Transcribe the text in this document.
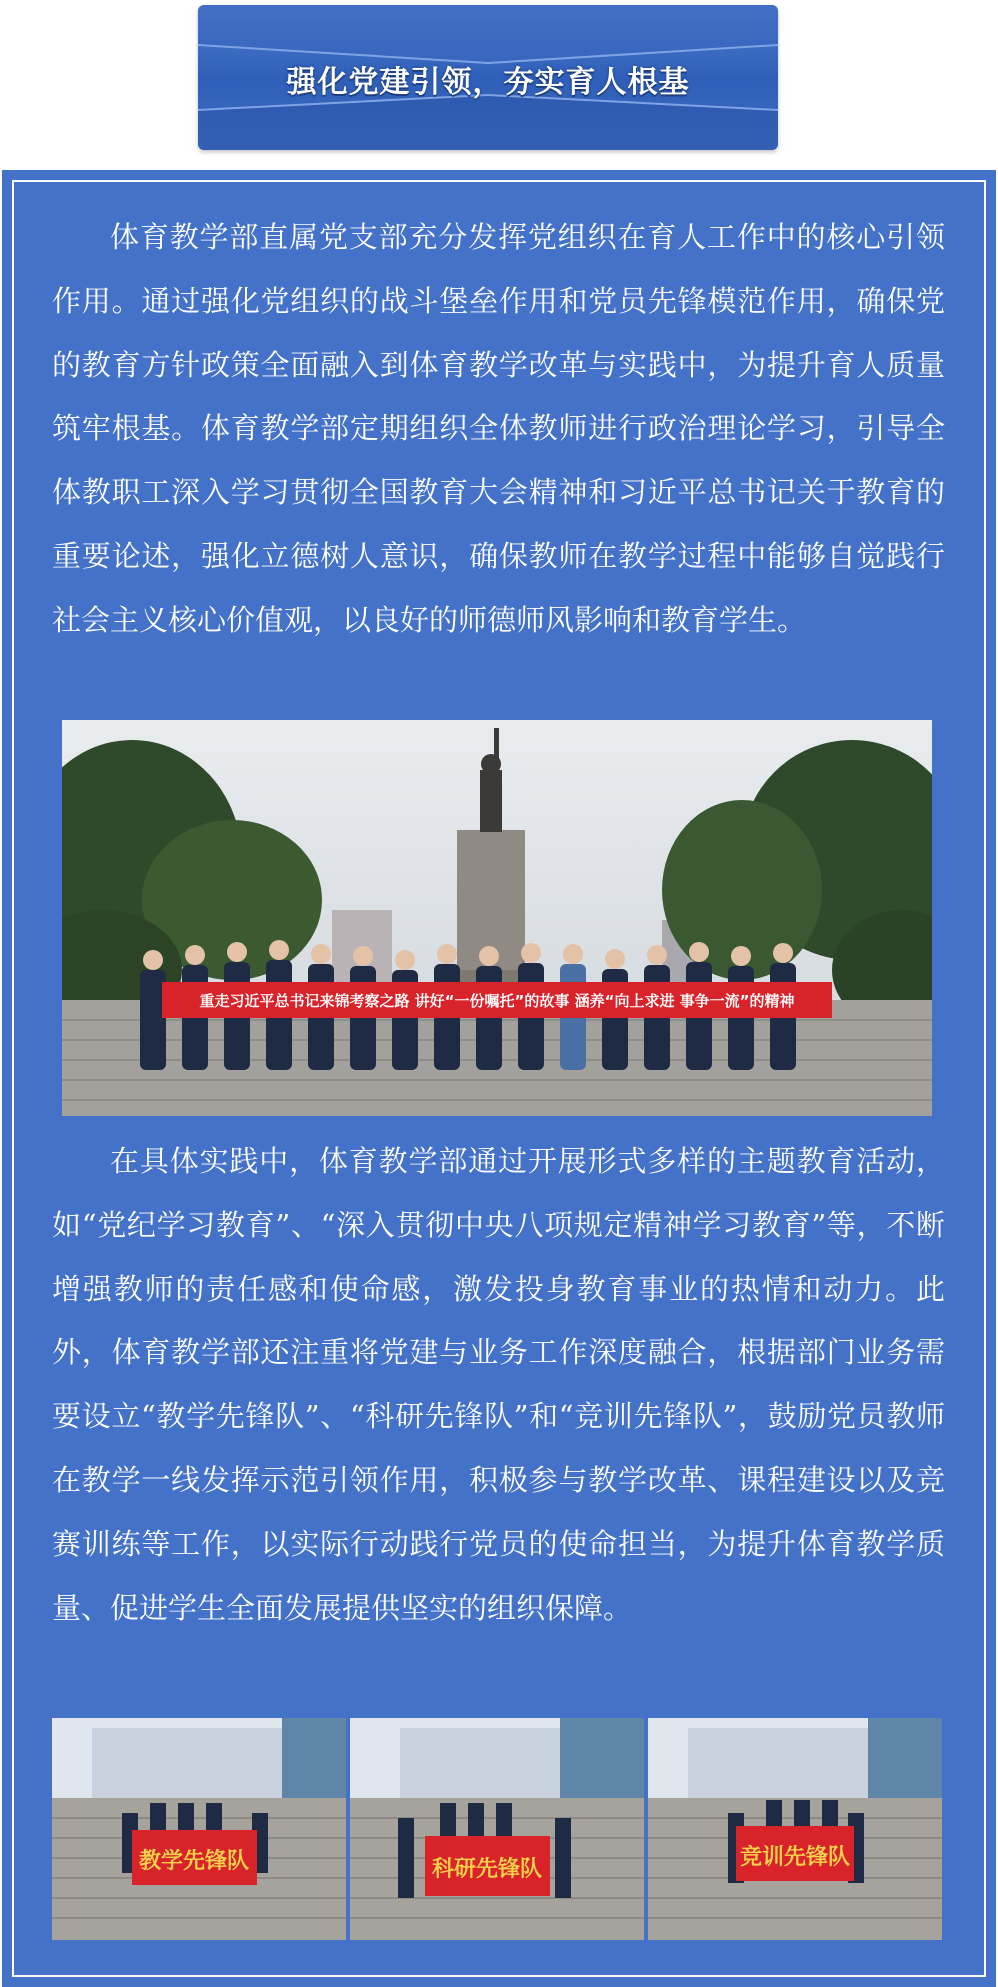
强化党建引领，夯实育人根基

体育教学部直属党支部充分发挥党组织在育人工作中的核心引领作用。通过强化党组织的战斗堡垒作用和党员先锋模范作用，确保党的教育方针政策全面融入到体育教学改革与实践中，为提升育人质量筑牢根基。体育教学部定期组织全体教师进行政治理论学习，引导全体教职工深入学习贯彻全国教育大会精神和习近平总书记关于教育的重要论述，强化立德树人意识，确保教师在教学过程中能够自觉践行社会主义核心价值观，以良好的师德师风影响和教育学生。

重走习近平总书记来锦考察之路 讲好“一份嘱托”的故事 涵养“向上求进 事争一流”的精神

在具体实践中，体育教学部通过开展形式多样的主题教育活动，如“党纪学习教育”、“深入贯彻中央八项规定精神学习教育”等，不断增强教师的责任感和使命感，激发投身教育事业的热情和动力。此外，体育教学部还注重将党建与业务工作深度融合，根据部门业务需要设立“教学先锋队”、“科研先锋队”和“竞训先锋队”，鼓励党员教师在教学一线发挥示范引领作用，积极参与教学改革、课程建设以及竞赛训练等工作，以实际行动践行党员的使命担当，为提升体育教学质量、促进学生全面发展提供坚实的组织保障。

教学先锋队	科研先锋队	竞训先锋队
